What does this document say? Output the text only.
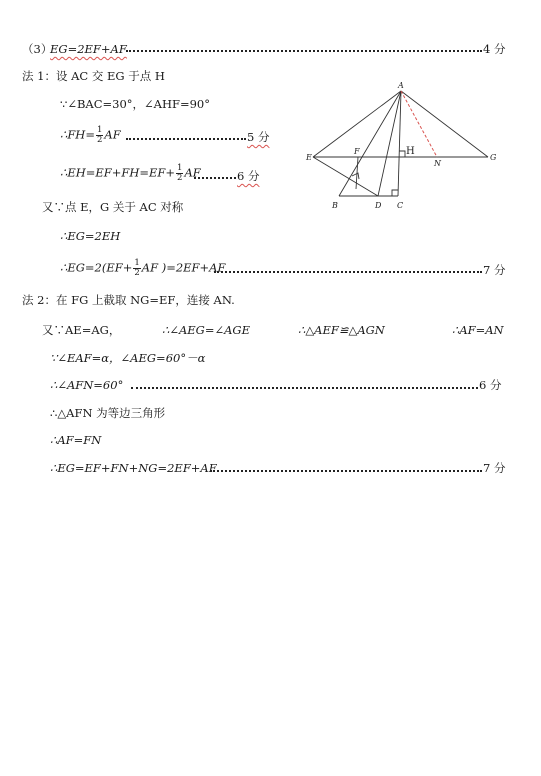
（3）
EG=2EF+AF	4 分
法 1：设 AC 交 EG 于点 H
∵∠BAC=30°，∠AHF=90°
∴FH= $\frac{1}{2}$ AF	5 分
∴EH=EF+FH=EF+ $\frac{1}{2}$ AF	6 分
又∵点 E，G 关于 AC 对称
∴EG=2EH
∴EG=2(EF+ $\frac{1}{2}$ AF )=2EF+AF	7 分
法 2：在 FG 上截取 NG=EF，连接 AN.
又∵AE=AG，	∴∠AEG=∠AGE	∴△AEF≌△AGN	∴AF=AN
∵∠EAF=α，∠AEG=60°－α
∴∠AFN=60°	6 分
∴△AFN 为等边三角形
∴AF=FN
∴EG=EF+FN+NG=2EF+AF	7 分
A
E
F	H
N
G
B	D C
